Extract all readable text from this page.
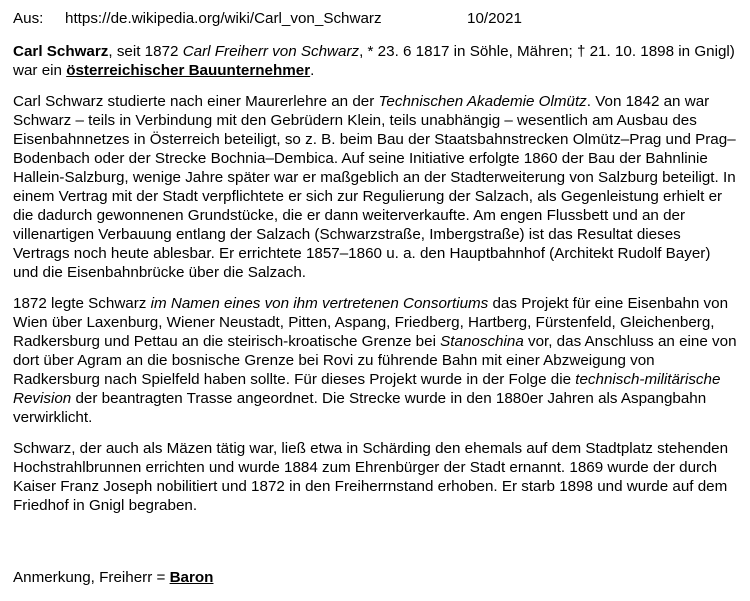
Aus:	https://de.wikipedia.org/wiki/Carl_von_Schwarz	10/2021

Carl Schwarz, seit 1872 Carl Freiherr von Schwarz, * 23. 6 1817 in Söhle, Mähren; † 21. 10. 1898 in Gnigl) war ein österreichischer Bauunternehmer.

Carl Schwarz studierte nach einer Maurerlehre an der Technischen Akademie Olmütz. Von 1842 an war Schwarz – teils in Verbindung mit den Gebrüdern Klein, teils unabhängig – wesentlich am Ausbau des Eisenbahnnetzes in Österreich beteiligt, so z. B. beim Bau der Staatsbahnstrecken Olmütz–Prag und Prag–Bodenbach oder der Strecke Bochnia–Dembica. Auf seine Initiative erfolgte 1860 der Bau der Bahnlinie Hallein-Salzburg, wenige Jahre später war er maßgeblich an der Stadterweiterung von Salzburg beteiligt. In einem Vertrag mit der Stadt verpflichtete er sich zur Regulierung der Salzach, als Gegenleistung erhielt er die dadurch gewonnenen Grundstücke, die er dann weiterverkaufte. Am engen Flussbett und an der villenartigen Verbauung entlang der Salzach (Schwarzstraße, Imbergstraße) ist das Resultat dieses Vertrags noch heute ablesbar. Er errichtete 1857–1860 u. a. den Hauptbahnhof (Architekt Rudolf Bayer) und die Eisenbahnbrücke über die Salzach.

1872 legte Schwarz im Namen eines von ihm vertretenen Consortiums das Projekt für eine Eisenbahn von Wien über Laxenburg, Wiener Neustadt, Pitten, Aspang, Friedberg, Hartberg, Fürstenfeld, Gleichenberg, Radkersburg und Pettau an die steirisch-kroatische Grenze bei Stanoschina vor, das Anschluss an eine von dort über Agram an die bosnische Grenze bei Rovi zu führende Bahn mit einer Abzweigung von Radkersburg nach Spielfeld haben sollte. Für dieses Projekt wurde in der Folge die technisch-militärische Revision der beantragten Trasse angeordnet. Die Strecke wurde in den 1880er Jahren als Aspangbahn verwirklicht.

Schwarz, der auch als Mäzen tätig war, ließ etwa in Schärding den ehemals auf dem Stadtplatz stehenden Hochstrahlbrunnen errichten und wurde 1884 zum Ehrenbürger der Stadt ernannt. 1869 wurde der durch Kaiser Franz Joseph nobilitiert und 1872 in den Freiherrnstand erhoben. Er starb 1898 und wurde auf dem Friedhof in Gnigl begraben.

Anmerkung, Freiherr = Baron
